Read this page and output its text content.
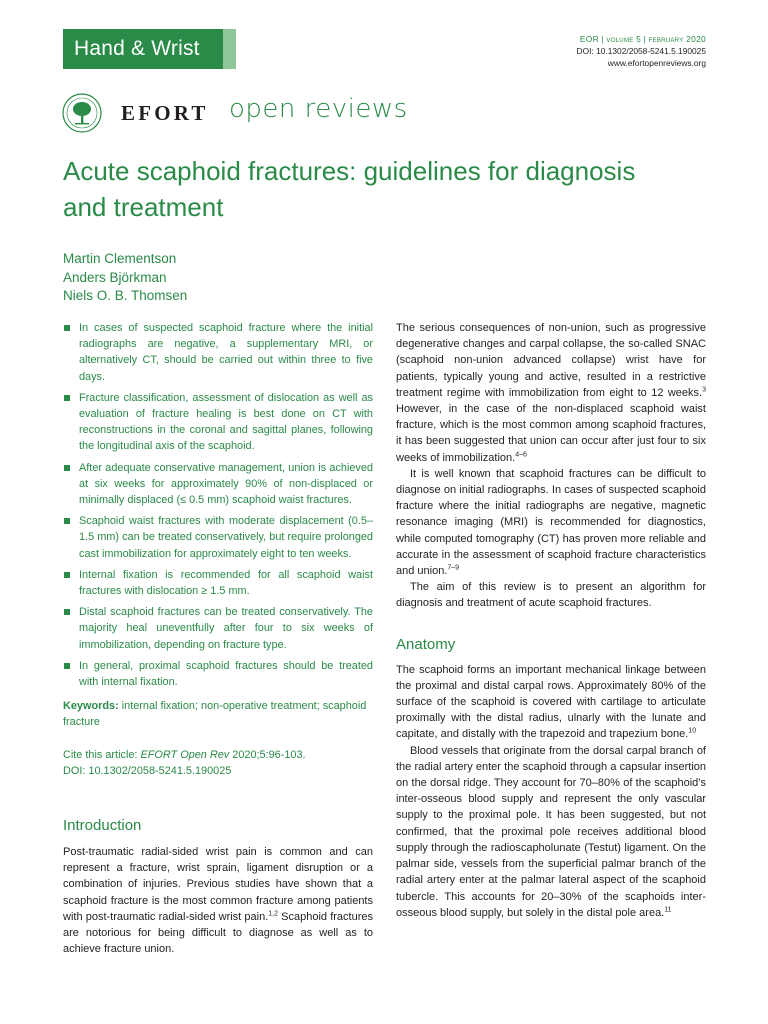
Hand & Wrist	EOR | volume 5 | february 2020
DOI: 10.1302/2058-5241.5.190025
www.efortopenreviews.org
EFORT open reviews
Acute scaphoid fractures: guidelines for diagnosis and treatment
Martin Clementson
Anders Björkman
Niels O. B. Thomsen
In cases of suspected scaphoid fracture where the initial radiographs are negative, a supplementary MRI, or alternatively CT, should be carried out within three to five days.
Fracture classification, assessment of dislocation as well as evaluation of fracture healing is best done on CT with reconstructions in the coronal and sagittal planes, following the longitudinal axis of the scaphoid.
After adequate conservative management, union is achieved at six weeks for approximately 90% of non-displaced or minimally displaced (≤ 0.5 mm) scaphoid waist fractures.
Scaphoid waist fractures with moderate displacement (0.5–1.5 mm) can be treated conservatively, but require prolonged cast immobilization for approximately eight to ten weeks.
Internal fixation is recommended for all scaphoid waist fractures with dislocation ≥ 1.5 mm.
Distal scaphoid fractures can be treated conservatively. The majority heal uneventfully after four to six weeks of immobilization, depending on fracture type.
In general, proximal scaphoid fractures should be treated with internal fixation.
Keywords: internal fixation; non-operative treatment; scaphoid fracture
Cite this article: EFORT Open Rev 2020;5:96-103.
DOI: 10.1302/2058-5241.5.190025
Introduction

Post-traumatic radial-sided wrist pain is common and can represent a fracture, wrist sprain, ligament disruption or a combination of injuries. Previous studies have shown that a scaphoid fracture is the most common fracture among patients with post-traumatic radial-sided wrist pain.$^{1,2}$ Scaphoid fractures are notorious for being difficult to diagnose as well as to achieve fracture union.

The serious consequences of non-union, such as progressive degenerative changes and carpal collapse, the so-called SNAC (scaphoid non-union advanced collapse) wrist have for patients, typically young and active, resulted in a restrictive treatment regime with immobilization from eight to 12 weeks.$^3$ However, in the case of the non-displaced scaphoid waist fracture, which is the most common among scaphoid fractures, it has been suggested that union can occur after just four to six weeks of immobilization.$^{4-6}$

It is well known that scaphoid fractures can be difficult to diagnose on initial radiographs. In cases of suspected scaphoid fracture where the initial radiographs are negative, magnetic resonance imaging (MRI) is recommended for diagnostics, while computed tomography (CT) has proven more reliable and accurate in the assessment of scaphoid fracture characteristics and union.$^{7-9}$

The aim of this review is to present an algorithm for diagnosis and treatment of acute scaphoid fractures.

Anatomy

The scaphoid forms an important mechanical linkage between the proximal and distal carpal rows. Approximately 80% of the surface of the scaphoid is covered with cartilage to articulate proximally with the distal radius, ulnarly with the lunate and capitate, and distally with the trapezoid and trapezium bone.$^{10}$

Blood vessels that originate from the dorsal carpal branch of the radial artery enter the scaphoid through a capsular insertion on the dorsal ridge. They account for 70–80% of the scaphoid’s inter-osseous blood supply and represent the only vascular supply to the proximal pole. It has been suggested, but not confirmed, that the proximal pole receives additional blood supply through the radioscapholunate (Testut) ligament. On the palmar side, vessels from the superficial palmar branch of the radial artery enter at the palmar lateral aspect of the scaphoid tubercle. This accounts for 20–30% of the scaphoids inter-osseous blood supply, but solely in the distal pole area.$^{11}$
